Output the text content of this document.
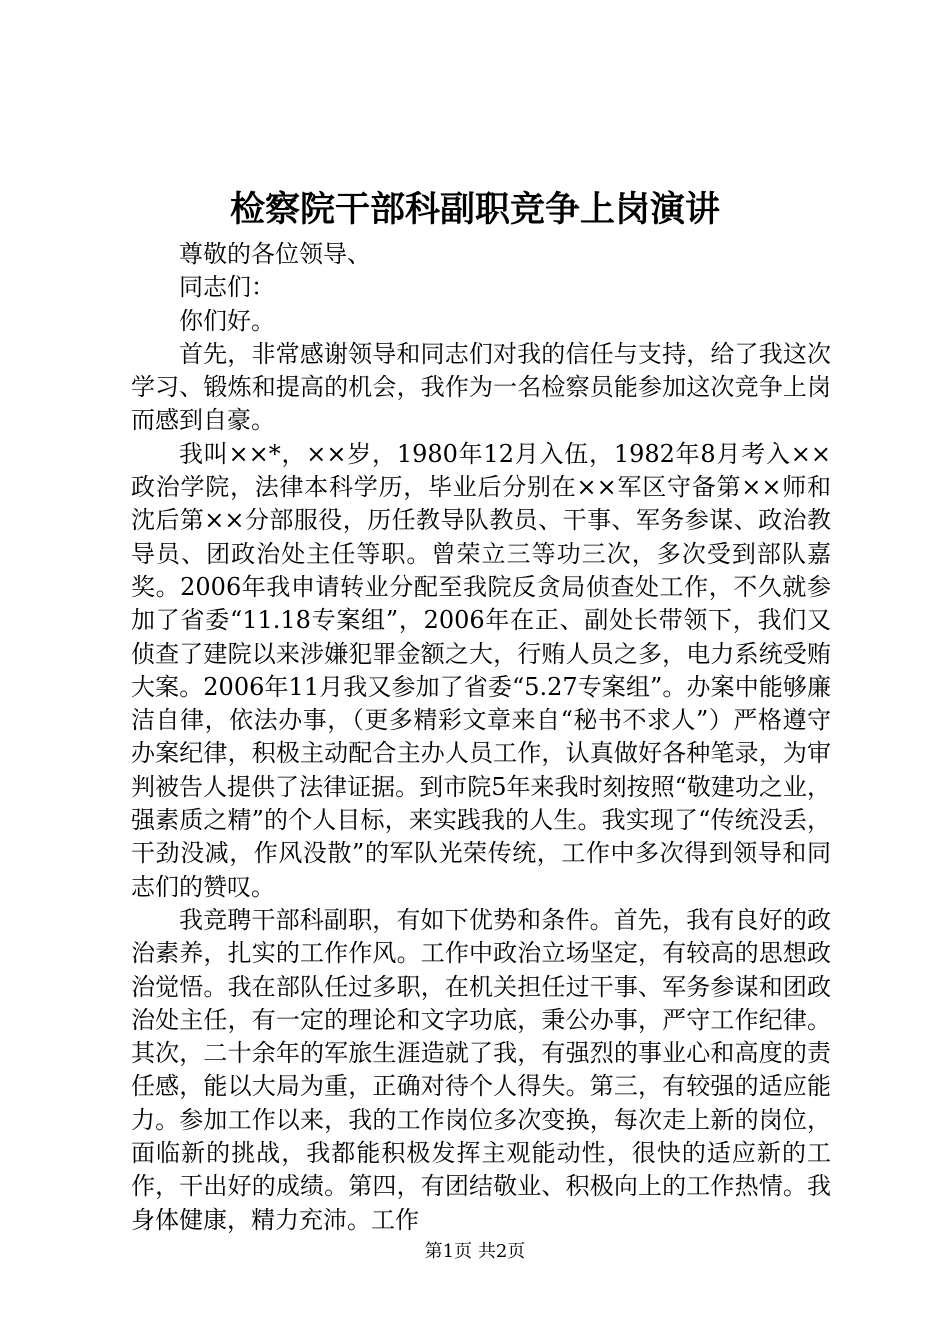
检察院干部科副职竞争上岗演讲

尊敬的各位领导、

同志们：

你们好。

首先，非常感谢领导和同志们对我的信任与支持，给了我这次学习、锻炼和提高的机会，我作为一名检察员能参加这次竞争上岗而感到自豪。

我叫××*，××岁，1980年12月入伍，1982年8月考入××政治学院，法律本科学历，毕业后分别在××军区守备第××师和沈后第××分部服役，历任教导队教员、干事、军务参谋、政治教导员、团政治处主任等职。曾荣立三等功三次，多次受到部队嘉奖。2006年我申请转业分配至我院反贪局侦查处工作，不久就参加了省委“11.18专案组”，2006年在正、副处长带领下，我们又侦查了建院以来涉嫌犯罪金额之大，行贿人员之多，电力系统受贿大案。2006年11月我又参加了省委“5.27专案组”。办案中能够廉洁自律，依法办事，（更多精彩文章来自“秘书不求人”）严格遵守办案纪律，积极主动配合主办人员工作，认真做好各种笔录，为审判被告人提供了法律证据。到市院5年来我时刻按照“敬建功之业，强素质之精”的个人目标，来实践我的人生。我实现了“传统没丢，干劲没减，作风没散”的军队光荣传统，工作中多次得到领导和同志们的赞叹。

我竞聘干部科副职，有如下优势和条件。首先，我有良好的政治素养，扎实的工作作风。工作中政治立场坚定，有较高的思想政治觉悟。我在部队任过多职，在机关担任过干事、军务参谋和团政治处主任，有一定的理论和文字功底，秉公办事，严守工作纪律。其次，二十余年的军旅生涯造就了我，有强烈的事业心和高度的责任感，能以大局为重，正确对待个人得失。第三，有较强的适应能力。参加工作以来，我的工作岗位多次变换，每次走上新的岗位，面临新的挑战，我都能积极发挥主观能动性，很快的适应新的工作，干出好的成绩。第四，有团结敬业、积极向上的工作热情。我身体健康，精力充沛。工作

第1页 共2页
